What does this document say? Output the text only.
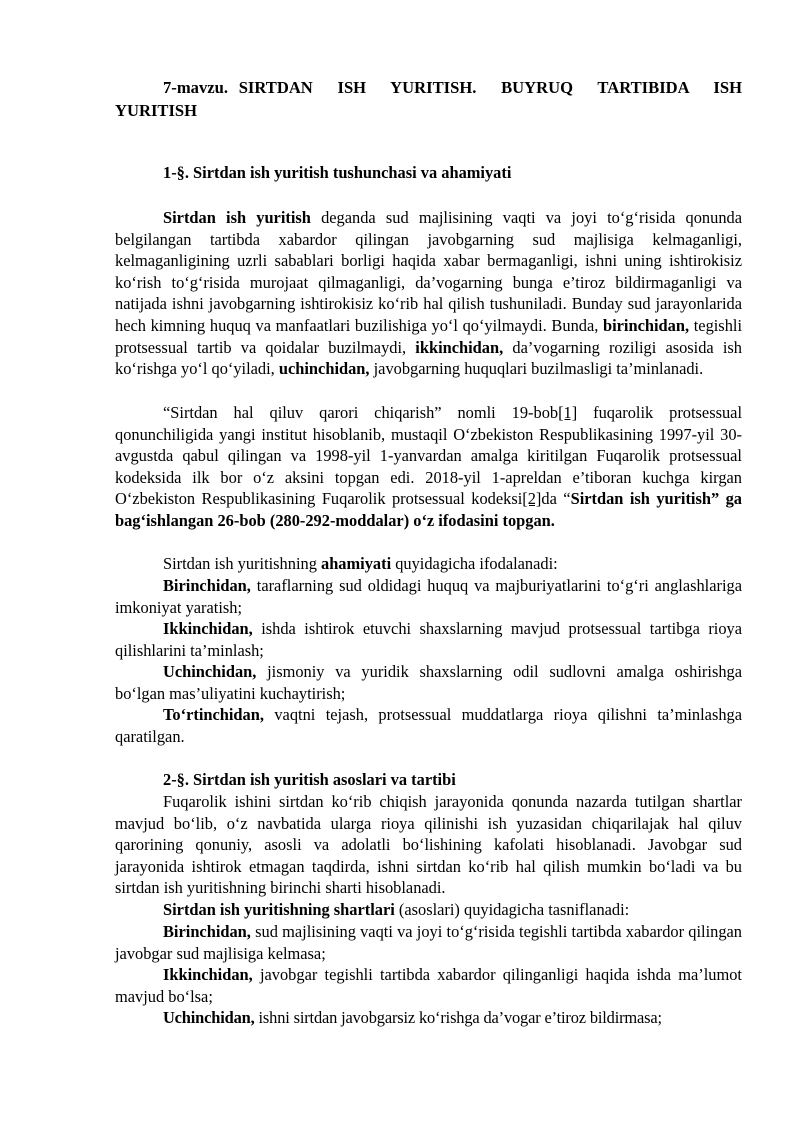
7-mavzu. SIRTDAN ISH YURITISH. BUYRUQ TARTIBIDA ISH YURITISH

1-§. Sirtdan ish yuritish tushunchasi va ahamiyati

Sirtdan ish yuritish deganda sud majlisining vaqti va joyi to‘g‘risida qonunda belgilangan tartibda xabardor qilingan javobgarning sud majlisiga kelmaganligi, kelmaganligining uzrli sabablari borligi haqida xabar bermaganligi, ishni uning ishtirokisiz ko‘rish to‘g‘risida murojaat qilmaganligi, da’vogarning bunga e’tiroz bildirmaganligi va natijada ishni javobgarning ishtirokisiz ko‘rib hal qilish tushuniladi. Bunday sud jarayonlarida hech kimning huquq va manfaatlari buzilishiga yo‘l qo‘yilmaydi. Bunda, birinchidan, tegishli protsessual tartib va qoidalar buzilmaydi, ikkinchidan, da’vogarning roziligi asosida ish ko‘rishga yo‘l qo‘yiladi, uchinchidan, javobgarning huquqlari buzilmasligi ta’minlanadi.

“Sirtdan hal qiluv qarori chiqarish” nomli 19-bob[1] fuqarolik protsessual qonunchiligida yangi institut hisoblanib, mustaqil O‘zbekiston Respublikasining 1997-yil 30-avgustda qabul qilingan va 1998-yil 1-yanvardan amalga kiritilgan Fuqarolik protsessual kodeksida ilk bor o‘z aksini topgan edi. 2018-yil 1-apreldan e’tiboran kuchga kirgan O‘zbekiston Respublikasining Fuqarolik protsessual kodeksi[2]da “Sirtdan ish yuritish” ga bag‘ishlangan 26-bob (280-292-moddalar) o‘z ifodasini topgan.

Sirtdan ish yuritishning ahamiyati quyidagicha ifodalanadi:

Birinchidan, taraflarning sud oldidagi huquq va majburiyatlarini to‘g‘ri anglashlariga imkoniyat yaratish;

Ikkinchidan, ishda ishtirok etuvchi shaxslarning mavjud protsessual tartibga rioya qilishlarini ta’minlash;

Uchinchidan, jismoniy va yuridik shaxslarning odil sudlovni amalga oshirishga bo‘lgan mas’uliyatini kuchaytirish;

To‘rtinchidan, vaqtni tejash, protsessual muddatlarga rioya qilishni ta’minlashga qaratilgan.

2-§. Sirtdan ish yuritish asoslari va tartibi

Fuqarolik ishini sirtdan ko‘rib chiqish jarayonida qonunda nazarda tutilgan shartlar mavjud bo‘lib, o‘z navbatida ularga rioya qilinishi ish yuzasidan chiqarilajak hal qiluv qarorining qonuniy, asosli va adolatli bo‘lishining kafolati hisoblanadi. Javobgar sud jarayonida ishtirok etmagan taqdirda, ishni sirtdan ko‘rib hal qilish mumkin bo‘ladi va bu sirtdan ish yuritishning birinchi sharti hisoblanadi.

Sirtdan ish yuritishning shartlari (asoslari) quyidagicha tasniflanadi:

Birinchidan, sud majlisining vaqti va joyi to‘g‘risida tegishli tartibda xabardor qilingan javobgar sud majlisiga kelmasa;

Ikkinchidan, javobgar tegishli tartibda xabardor qilinganligi haqida ishda ma’lumot mavjud bo‘lsa;

Uchinchidan, ishni sirtdan javobgarsiz ko‘rishga da’vogar e’tiroz bildirmasa;
